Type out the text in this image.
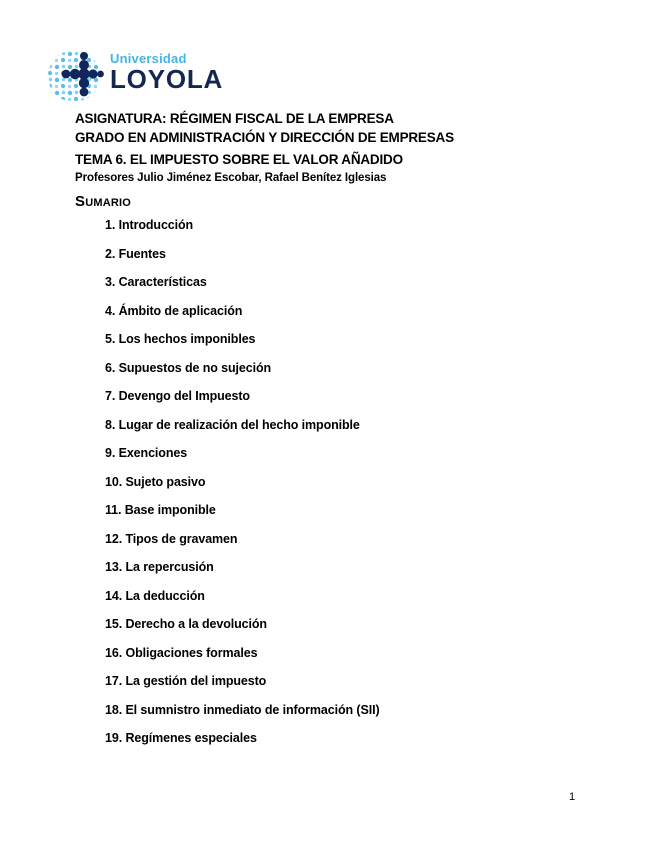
Universidad
LOYOLA
ASIGNATURA: RÉGIMEN FISCAL DE LA EMPRESA
GRADO EN ADMINISTRACIÓN Y DIRECCIÓN DE EMPRESAS
TEMA 6. EL IMPUESTO SOBRE EL VALOR AÑADIDO
Profesores Julio Jiménez Escobar, Rafael Benítez Iglesias
Sumario
1. Introducción
2. Fuentes
3. Características
4. Ámbito de aplicación
5. Los hechos imponibles
6. Supuestos de no sujeción
7. Devengo del Impuesto
8. Lugar de realización del hecho imponible
9. Exenciones
10. Sujeto pasivo
11. Base imponible
12. Tipos de gravamen
13. La repercusión
14. La deducción
15. Derecho a la devolución
16. Obligaciones formales
17. La gestión del impuesto
18. El sumnistro inmediato de información (SII)
19. Regímenes especiales
1
